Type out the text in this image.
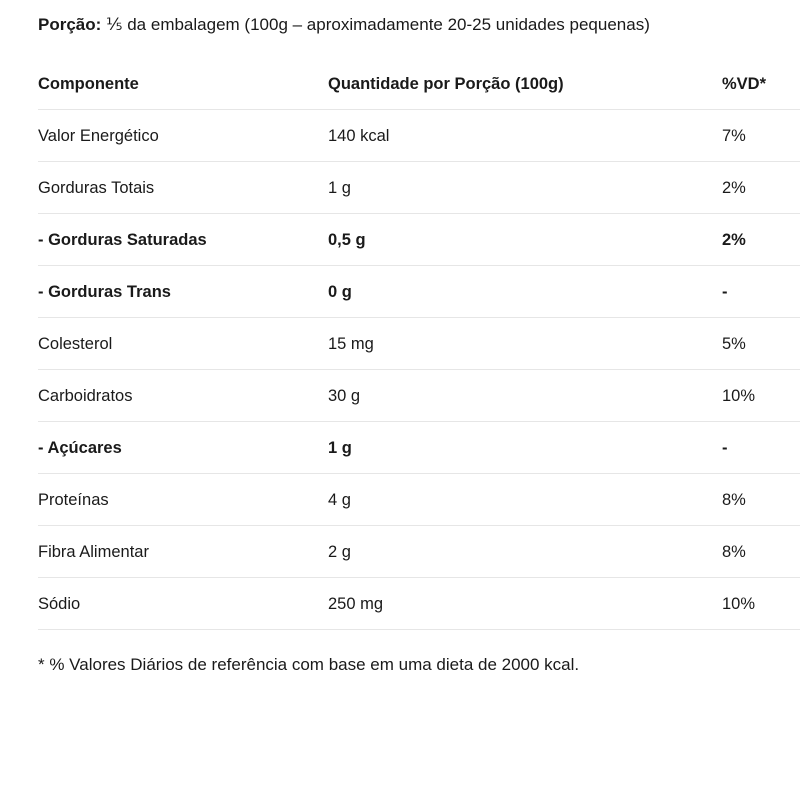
Porção: ⅕ da embalagem (100g – aproximadamente 20-25 unidades pequenas)
Componente	Quantidade por Porção (100g)	%VD*
Valor Energético	140 kcal	7%
Gorduras Totais	1 g	2%
- Gorduras Saturadas	0,5 g	2%
- Gorduras Trans	0 g	-
Colesterol	15 mg	5%
Carboidratos	30 g	10%
- Açúcares	1 g	-
Proteínas	4 g	8%
Fibra Alimentar	2 g	8%
Sódio	250 mg	10%
* % Valores Diários de referência com base em uma dieta de 2000 kcal.
